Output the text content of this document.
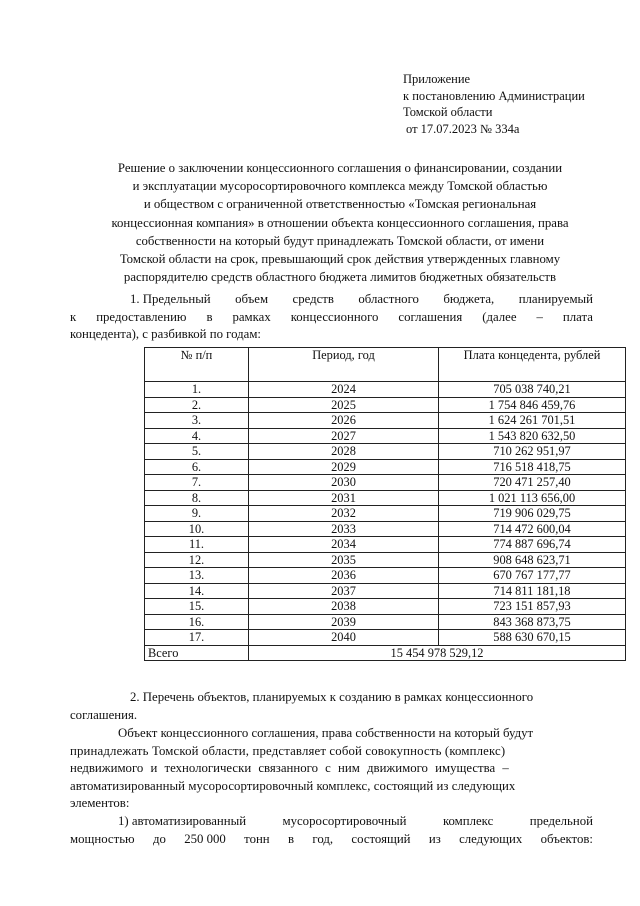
Приложение
к постановлению Администрации
Томской области
от 17.07.2023 № 334а
Решение о заключении концессионного соглашения о финансировании, создании
и эксплуатации мусоросортировочного комплекса между Томской областью
и обществом с ограниченной ответственностью «Томская региональная
концессионная компания» в отношении объекта концессионного соглашения, права
собственности на который будут принадлежать Томской области, от имени
Томской области на срок, превышающий срок действия утвержденных главному
распорядителю средств областного бюджета лимитов бюджетных обязательств
1. Предельный объем средств областного бюджета, планируемый
к предоставлению в рамках концессионного соглашения (далее – плата
концедента), с разбивкой по годам:
№ п/п	Период, год	Плата концедента, рублей
1.	2024	705 038 740,21
2.	2025	1 754 846 459,76
3.	2026	1 624 261 701,51
4.	2027	1 543 820 632,50
5.	2028	710 262 951,97
6.	2029	716 518 418,75
7.	2030	720 471 257,40
8.	2031	1 021 113 656,00
9.	2032	719 906 029,75
10.	2033	714 472 600,04
11.	2034	774 887 696,74
12.	2035	908 648 623,71
13.	2036	670 767 177,77
14.	2037	714 811 181,18
15.	2038	723 151 857,93
16.	2039	843 368 873,75
17.	2040	588 630 670,15
Всего	15 454 978 529,12	
2. Перечень объектов, планируемых к созданию в рамках концессионного
соглашения.
Объект концессионного соглашения, права собственности на который будут
принадлежать Томской области, представляет собой совокупность (комплекс)
недвижимого и технологически связанного с ним движимого имущества –
автоматизированный мусоросортировочный комплекс, состоящий из следующих
элементов:
1) автоматизированный	мусоросортировочный	комплекс	предельной
мощностью до 250 000 тонн в год, состоящий из следующих объектов:
